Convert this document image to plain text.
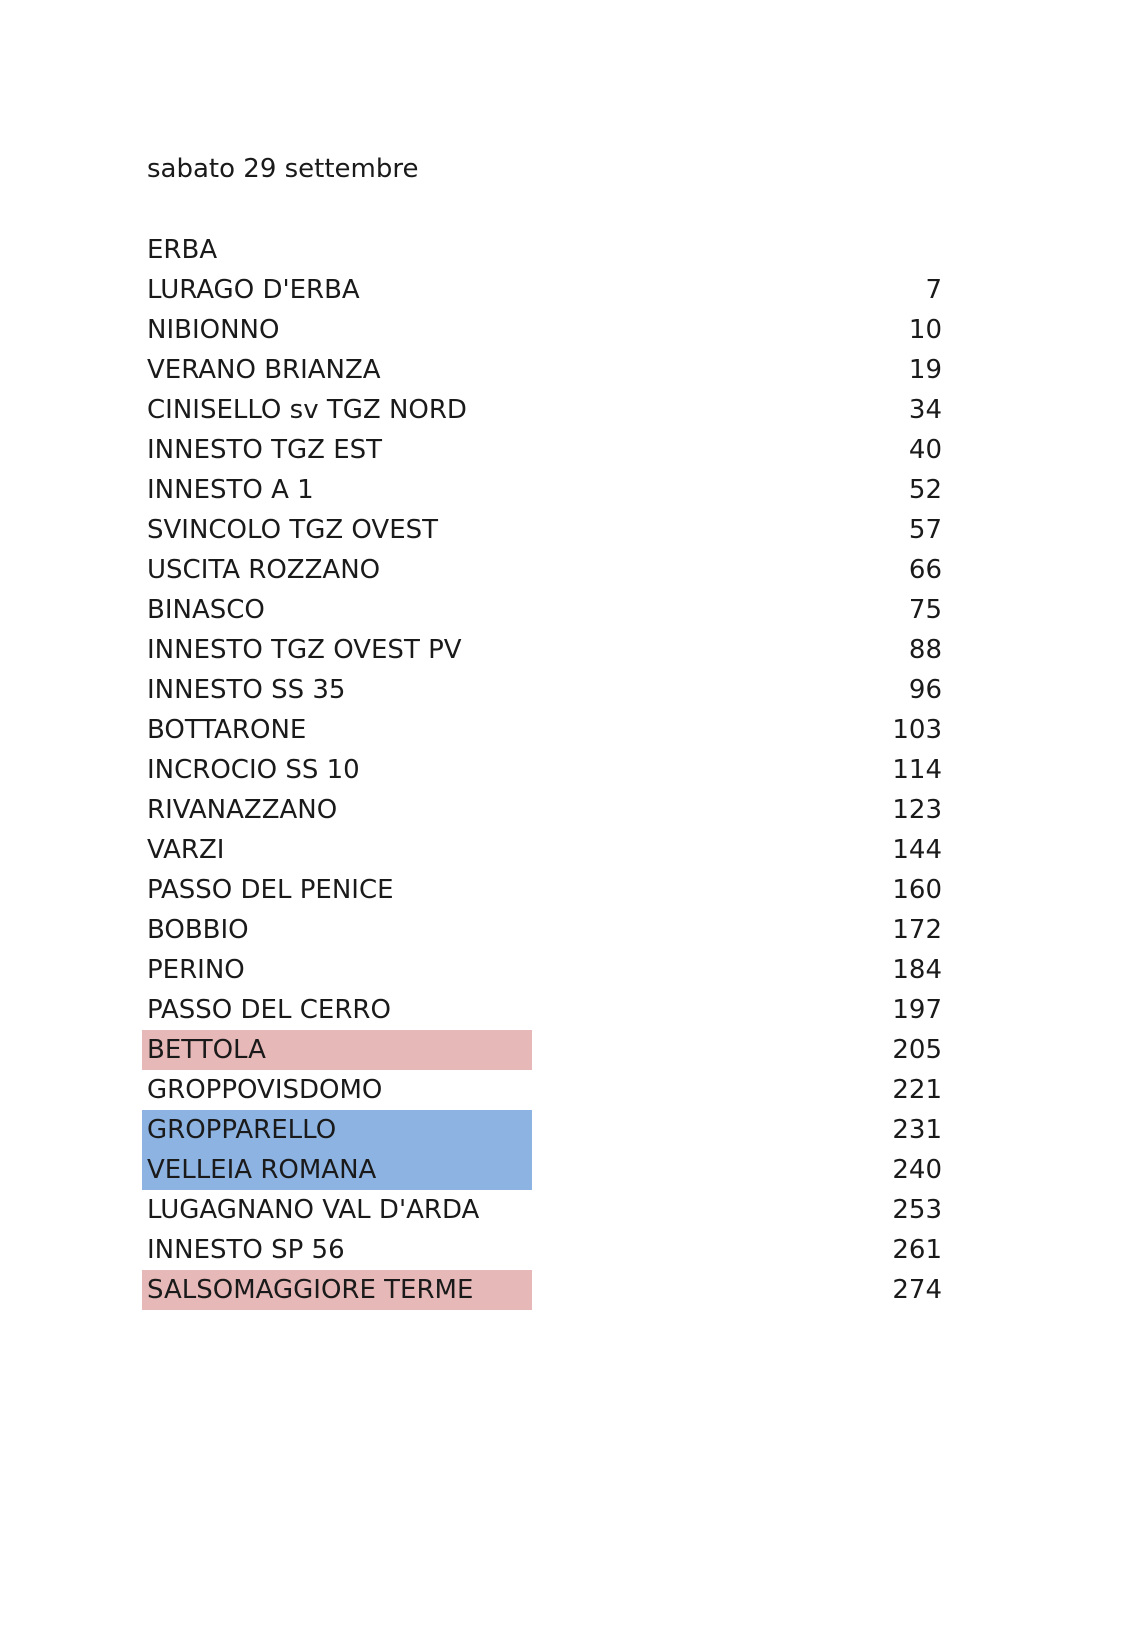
sabato 29 settembre
ERBA
LURAGO D'ERBA	7
NIBIONNO	10
VERANO BRIANZA	19
CINISELLO sv TGZ NORD	34
INNESTO TGZ EST	40
INNESTO A 1	52
SVINCOLO TGZ OVEST	57
USCITA ROZZANO	66
BINASCO	75
INNESTO TGZ OVEST PV	88
INNESTO SS 35	96
BOTTARONE	103
INCROCIO SS 10	114
RIVANAZZANO	123
VARZI	144
PASSO DEL PENICE	160
BOBBIO	172
PERINO	184
PASSO DEL CERRO	197
BETTOLA	205
GROPPOVISDOMO	221
GROPPARELLO	231
VELLEIA ROMANA	240
LUGAGNANO VAL D'ARDA	253
INNESTO SP 56	261
SALSOMAGGIORE TERME	274
